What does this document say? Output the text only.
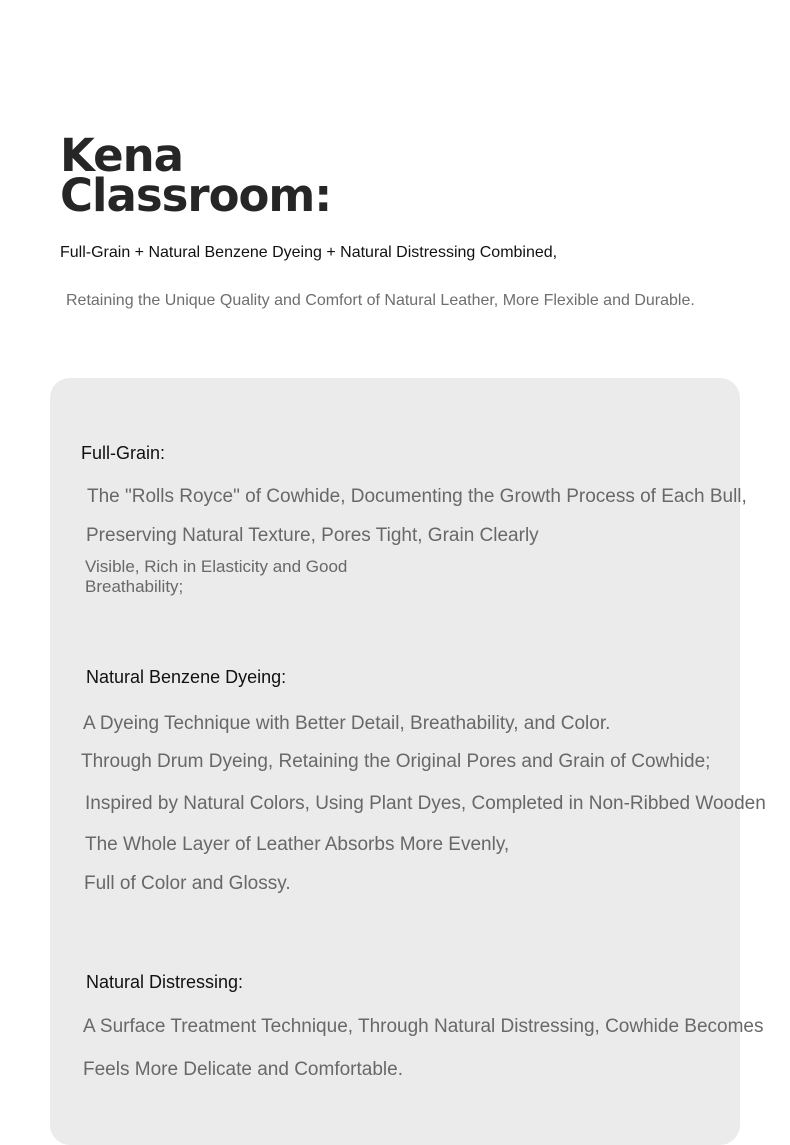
Kena
Classroom:
Full-Grain + Natural Benzene Dyeing + Natural Distressing Combined,
Retaining the Unique Quality and Comfort of Natural Leather, More Flexible and Durable.
Full-Grain:
The "Rolls Royce" of Cowhide, Documenting the Growth Process of Each Bull,
Preserving Natural Texture, Pores Tight, Grain Clearly
Visible, Rich in Elasticity and Good
Breathability;
Natural Benzene Dyeing:
A Dyeing Technique with Better Detail, Breathability, and Color.
Through Drum Dyeing, Retaining the Original Pores and Grain of Cowhide;
Inspired by Natural Colors, Using Plant Dyes, Completed in Non-Ribbed Wooden
The Whole Layer of Leather Absorbs More Evenly,
Full of Color and Glossy.
Natural Distressing:
A Surface Treatment Technique, Through Natural Distressing, Cowhide Becomes
Feels More Delicate and Comfortable.
